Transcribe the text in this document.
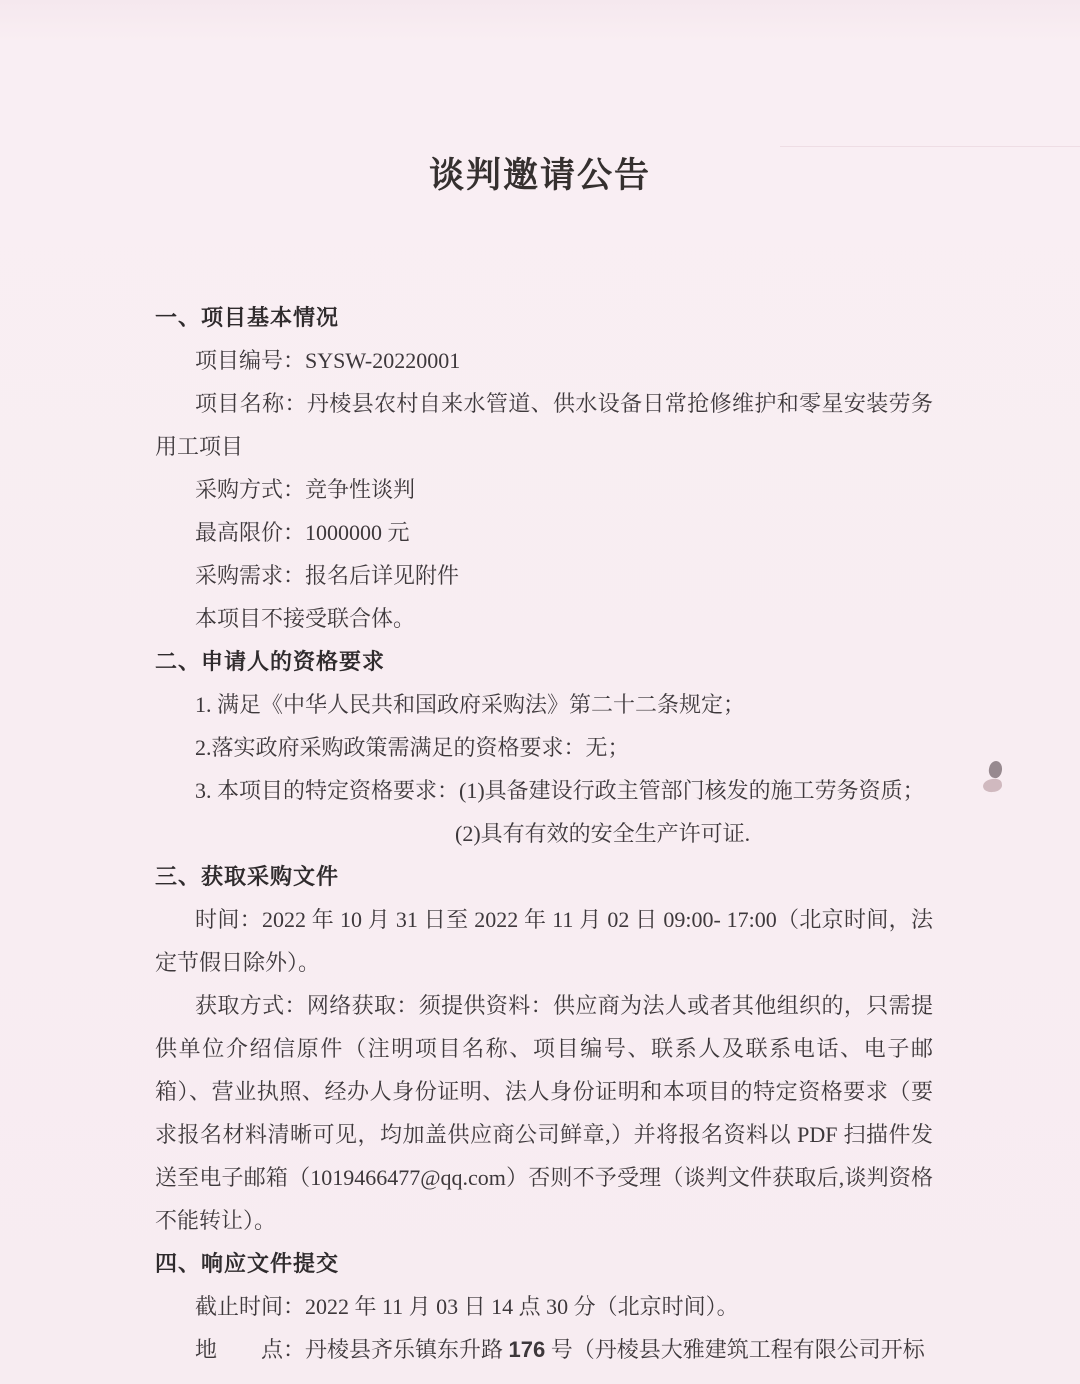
谈判邀请公告
一、项目基本情况

项目编号：SYSW-20220001

项目名称：丹棱县农村自来水管道、供水设备日常抢修维护和零星安装劳务用工项目

采购方式：竞争性谈判

最高限价：1000000 元

采购需求：报名后详见附件

本项目不接受联合体。

二、申请人的资格要求

1. 满足《中华人民共和国政府采购法》第二十二条规定；

2.落实政府采购政策需满足的资格要求：无；

3. 本项目的特定资格要求：(1)具备建设行政主管部门核发的施工劳务资质；

(2)具有有效的安全生产许可证.

三、获取采购文件

时间：2022 年 10 月 31 日至 2022 年 11 月 02 日 09:00- 17:00（北京时间，法定节假日除外）。

获取方式：网络获取：须提供资料：供应商为法人或者其他组织的，只需提供单位介绍信原件（注明项目名称、项目编号、联系人及联系电话、电子邮箱）、营业执照、经办人身份证明、法人身份证明和本项目的特定资格要求（要求报名材料清晰可见，均加盖供应商公司鲜章,）并将报名资料以 PDF 扫描件发送至电子邮箱（1019466477@qq.com）否则不予受理（谈判文件获取后,谈判资格不能转让）。

四、响应文件提交

截止时间：2022 年 11 月 03 日 14 点 30 分（北京时间）。

地　　点：丹棱县齐乐镇东升路 176 号（丹棱县大雅建筑工程有限公司开标
